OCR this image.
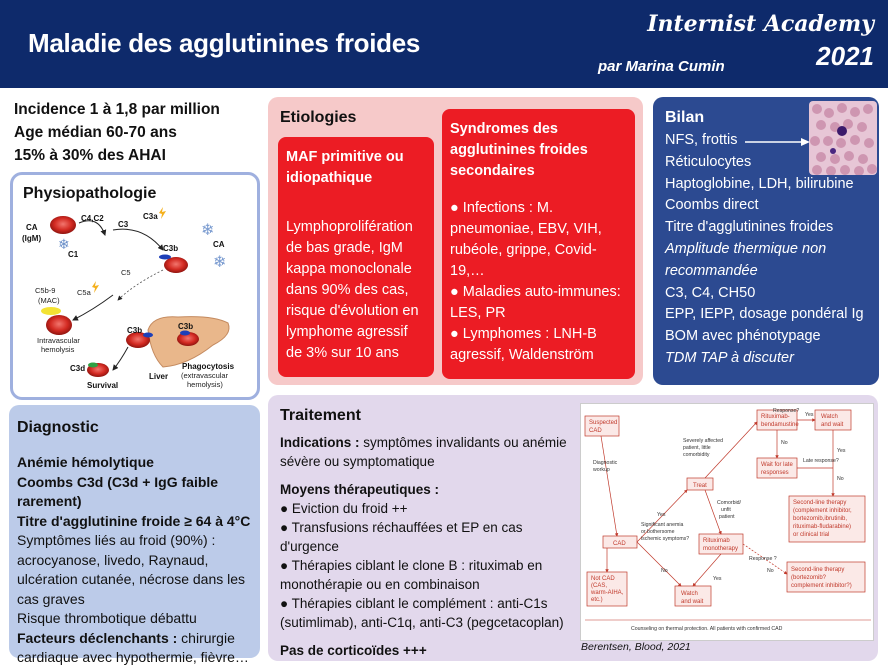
Maladie des agglutinines froides
Internist Academy
2021
par Marina Cumin
Incidence 1 à 1,8 par million
Age médian 60-70 ans
15% à 30% des AHAI
Physiopathologie
CA
(IgM)
C1
❄
C4,C2
C3
C3a
❄
CA
❄
C3b
C5
C5b-9
(MAC)
C5a
Intravascular
hemolysis
C3b	C3b
Liver
Phagocytosis
(extravascular
hemolysis)
C3d
Survival
Etiologies
MAF primitive ou idiopathique
Lymphoprolifération de bas grade, IgM kappa monoclonale dans 90% des cas, risque d'évolution en lymphome agressif de 3% sur 10 ans
Syndromes des agglutinines froides secondaires
● Infections : M. pneumoniae, EBV, VIH, rubéole, grippe, Covid-19,…
● Maladies auto-immunes: LES, PR
● Lymphomes : LNH-B agressif, Waldenström
Bilan
NFS, frottis
Réticulocytes
Haptoglobine, LDH, bilirubine
Coombs direct
Titre d'agglutinines froides
Amplitude thermique non recommandée
C3, C4, CH50
EPP, IEPP, dosage pondéral Ig
BOM avec phénotypage
TDM TAP à discuter
Diagnostic
Anémie hémolytique
Coombs C3d (C3d + IgG faible rarement)
Titre d'agglutinine froide ≥ 64 à 4°C
Symptômes liés au froid (90%) : acrocyanose, livedo, Raynaud, ulcération cutanée, nécrose dans les cas graves
Risque thrombotique débattu
Facteurs déclenchants : chirurgie cardiaque avec hypothermie, fièvre…
Traitement
Indications : symptômes invalidants ou anémie sévère ou symptomatique
Moyens thérapeutiques :
● Eviction du froid ++
● Transfusions réchauffées et EP en cas d'urgence
● Thérapies ciblant le clone B : rituximab en monothérapie ou en combinaison
● Thérapies ciblant le complément : anti-C1s (sutimlimab), anti-C1q, anti-C3 (pegcetacoplan)
Pas de corticoïdes +++
Suspected
CAD
Diagnostic
workup
CAD
Not CAD
(CAS,
warm-AIHA,
etc.)
Severely affected
patient, little
comorbidity
Treat
Comorbid/
unfit
patient
Significant anemia
or bothersome
ischemic symptoms?
Yes
No
Rituximab-
bendamustine
Response?
Yes Watch
and wait
No
Wait for late
responses
Late response?
Yes
No
Second-line therapy
(complement inhibitor,
bortezomib,ibrutinib,
rituximab-fludarabine)
or clinical trial
Rituximab
monotherapy
Response ?
No
Yes
Second-line therapy
(bortezomib?
complement inhibitor?)
Watch
and wait
Counseling on thermal protection. All patients with confirmed CAD
Berentsen, Blood, 2021
